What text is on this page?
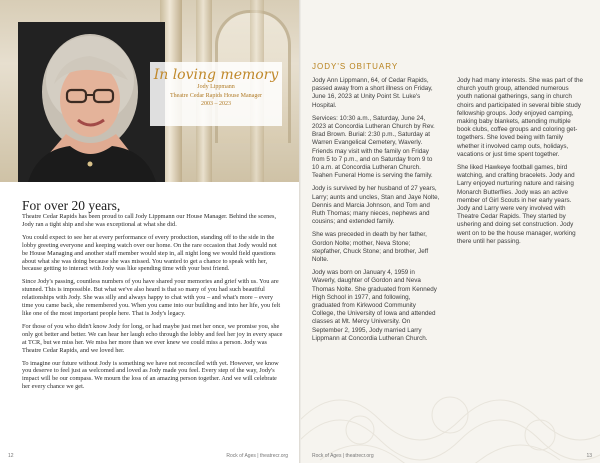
In loving memory
Jody Lippmann
Theatre Cedar Rapids House Manager
2003 – 2023
For over 20 years,

Theatre Cedar Rapids has been proud to call Jody Lippmann our House Manager. Behind the scenes, Jody ran a tight ship and she was exceptional at what she did.

You could expect to see her at every performance of every production, standing off to the side in the lobby greeting everyone and keeping watch over our home. On the rare occasion that Jody would not be House Managing and another staff member would step in, all night long we would field questions about what she was doing because she was missed. You wanted to get a chance to speak with her, because getting to interact with Jody was like spending time with your best friend.

Since Jody's passing, countless numbers of you have shared your memories and grief with us. You are stunned. This is impossible. But what we've also heard is that so many of you had such beautiful relationships with Jody. She was silly and always happy to chat with you – and what's more – every time you came back, she remembered you. When you came into our building and into her life, you felt like one of the most important people here. That is Jody's legacy.

For those of you who didn't know Jody for long, or had maybe just met her once, we promise you, she only got better and better. We can hear her laugh echo through the lobby and feel her joy in every space at TCR, but we miss her. We miss her more than we ever knew we could miss a person. Jody was Theatre Cedar Rapids, and we loved her.

To imagine our future without Jody is something we have not reconciled with yet. However, we know you deserve to feel just as welcomed and loved as Jody made you feel. Every step of the way, Jody's impact will be our compass. We mourn the loss of an amazing person together. And we will celebrate her every chance we get.

12	Rock of Ages | theatrecr.org
JODY'S OBITUARY

Jody Ann Lippmann, 64, of Cedar Rapids, passed away from a short illness on Friday, June 16, 2023 at Unity Point St. Luke's Hospital.

Services: 10:30 a.m., Saturday, June 24, 2023 at Concordia Lutheran Church by Rev. Brad Brown. Burial: 2:30 p.m., Saturday at Warren Evangelical Cemetery, Waverly. Friends may visit with the family on Friday from 5 to 7 p.m., and on Saturday from 9 to 10 a.m. at Concordia Lutheran Church. Teahen Funeral Home is serving the family.

Jody is survived by her husband of 27 years, Larry; aunts and uncles, Stan and Jaye Nolte, Dennis and Marcia Johnson, and Tom and Ruth Thomas; many nieces, nephews and cousins; and extended family.

She was preceded in death by her father, Gordon Nolte; mother, Neva Stone; stepfather, Chuck Stone; and brother, Jeff Nolte.

Jody was born on January 4, 1959 in Waverly, daughter of Gordon and Neva Thomas Nolte. She graduated from Kennedy High School in 1977, and following, graduated from Kirkwood Community College, the University of Iowa and attended classes at Mt. Mercy University. On September 2, 1995, Jody married Larry Lippmann at Concordia Lutheran Church.

Jody had many interests. She was part of the church youth group, attended numerous youth national gatherings, sang in church choirs and participated in several bible study fellowship groups. Jody enjoyed camping, making baby blankets, attending multiple book clubs, coffee groups and coloring get-togethers. She loved being with family whether it involved camp outs, holidays, vacations or just time spent together.

She liked Hawkeye football games, bird watching, and crafting bracelets. Jody and Larry enjoyed nurturing nature and raising Monarch Butterflies. Jody was an active member of Girl Scouts in her early years. Jody and Larry were very involved with Theatre Cedar Rapids. They started by ushering and doing set construction. Jody went on to be the house manager, working there until her passing.

Rock of Ages | theatrecr.org	13
